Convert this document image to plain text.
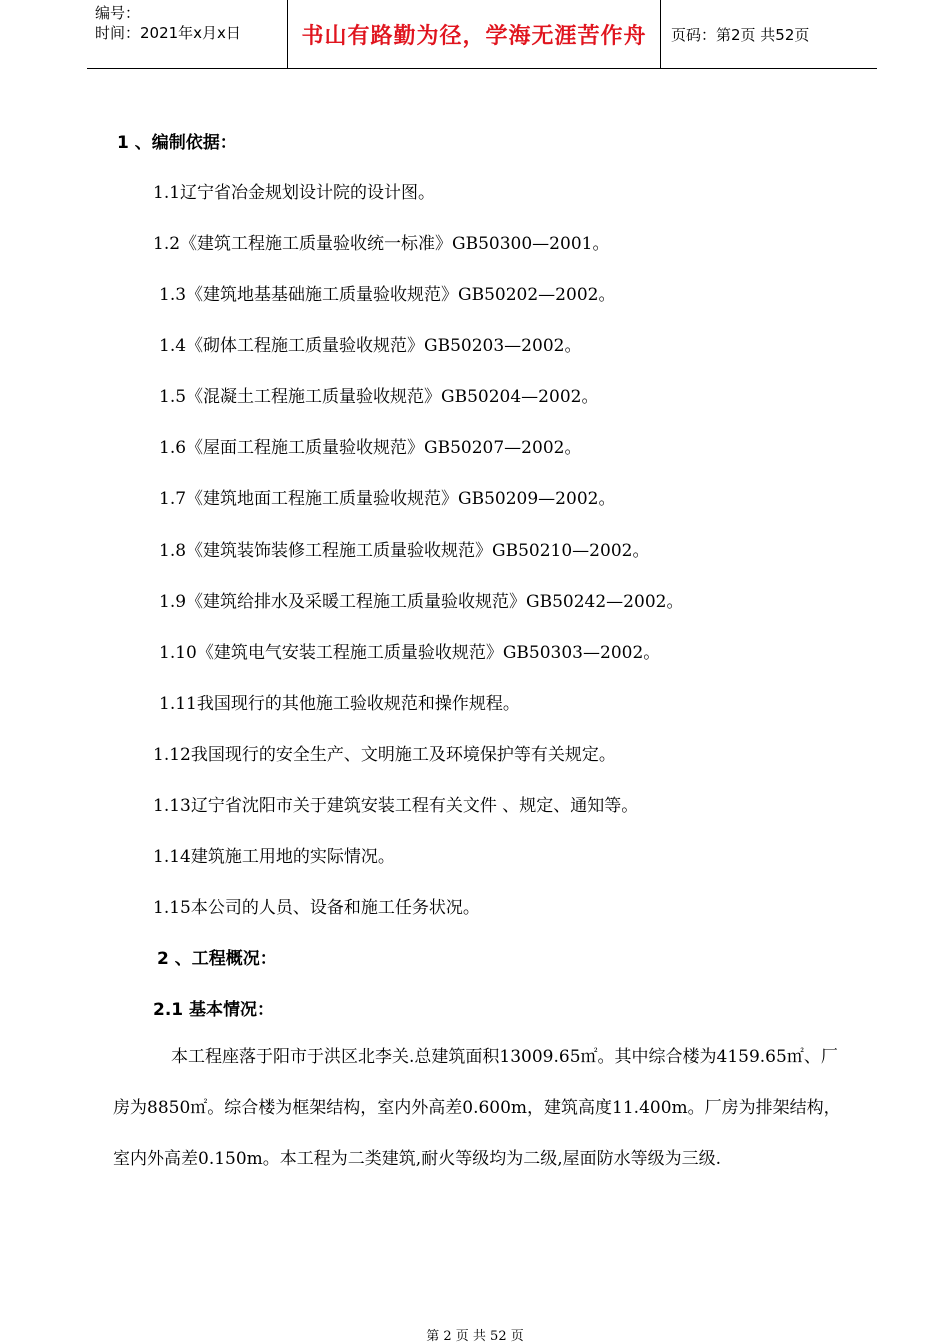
编号：
时间：2021年x月x日	书山有路勤为径，学海无涯苦作舟 页码：第2页 共52页
1 、编制依据：
1.1辽宁省冶金规划设计院的设计图。
1.2《建筑工程施工质量验收统一标准》GB50300—2001。
1.3《建筑地基基础施工质量验收规范》GB50202—2002。
1.4《砌体工程施工质量验收规范》GB50203—2002。
1.5《混凝土工程施工质量验收规范》GB50204—2002。
1.6《屋面工程施工质量验收规范》GB50207—2002。
1.7《建筑地面工程施工质量验收规范》GB50209—2002。
1.8《建筑装饰装修工程施工质量验收规范》GB50210—2002。
1.9《建筑给排水及采暖工程施工质量验收规范》GB50242—2002。
1.10《建筑电气安装工程施工质量验收规范》GB50303—2002。
1.11我国现行的其他施工验收规范和操作规程。
1.12我国现行的安全生产、文明施工及环境保护等有关规定。
1.13辽宁省沈阳市关于建筑安装工程有关文件 、规定、通知等。
1.14建筑施工用地的实际情况。
1.15本公司的人员、设备和施工任务状况。
2 、工程概况：
2.1 基本情况：
本工程座落于阳市于洪区北李关.总建筑面积13009.65㎡。其中综合楼为4159.65㎡、厂房为8850㎡。综合楼为框架结构，室内外高差0.600m，建筑高度11.400m。厂房为排架结构，室内外高差0.150m。本工程为二类建筑,耐火等级均为二级,屋面防水等级为三级.
第 2 页 共 52 页
